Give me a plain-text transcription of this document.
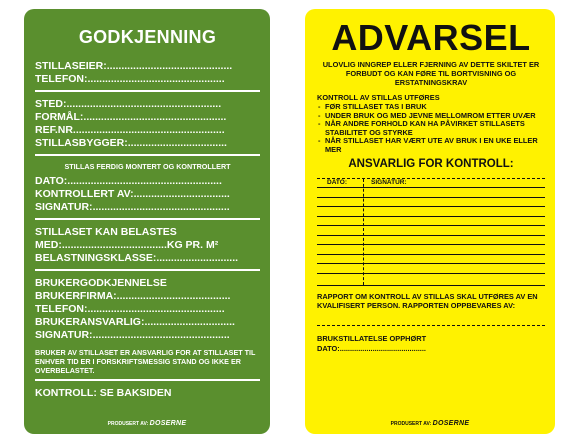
GODKJENNING
STILLASEIER:...........................................
TELEFON:...............................................
STED:.....................................................
FORMÅL:.................................................
REF.NR....................................................
STILLASBYGGER:..................................
STILLAS FERDIG MONTERT OG KONTROLLERT
DATO:.....................................................
KONTROLLERT AV:.................................
SIGNATUR:...............................................
STILLASET KAN BELASTES
MED:....................................KG PR. M²
BELASTNINGSKLASSE:............................
BRUKERGODKJENNELSE
BRUKERFIRMA:.......................................
TELEFON:...............................................
BRUKERANSVARLIG:...............................
SIGNATUR:...............................................
BRUKER AV STILLASET ER ANSVARLIG FOR AT STILLASET TIL ENHVER TID ER I FORSKRIFTSMESSIG STAND OG IKKE ER OVERBELASTET.
KONTROLL: SE BAKSIDEN
PRODUSERT AV: DOSERNE
ADVARSEL
ULOVLIG INNGREP ELLER FJERNING AV DETTE SKILTET ER FORBUDT OG KAN FØRE TIL BORTVISNING OG ERSTATNINGSKRAV
KONTROLL AV STILLAS UTFØRES
- FØR STILLASET TAS I BRUK
- UNDER BRUK OG MED JEVNE MELLOMROM ETTER UVÆR
- NÅR ANDRE FORHOLD KAN HA PÅVIRKET STILLASETS STABILITET OG STYRKE
- NÅR STILLASET HAR VÆRT UTE AV BRUK I EN UKE ELLER MER
ANSVARLIG FOR KONTROLL:
DATO:	SIGNATUR:
RAPPORT OM KONTROLL AV STILLAS SKAL UTFØRES AV EN KVALIFISERT PERSON. RAPPORTEN OPPBEVARES AV:
BRUKSTILLATELSE OPPHØRT
DATO:..........................................
PRODUSERT AV: DOSERNE
